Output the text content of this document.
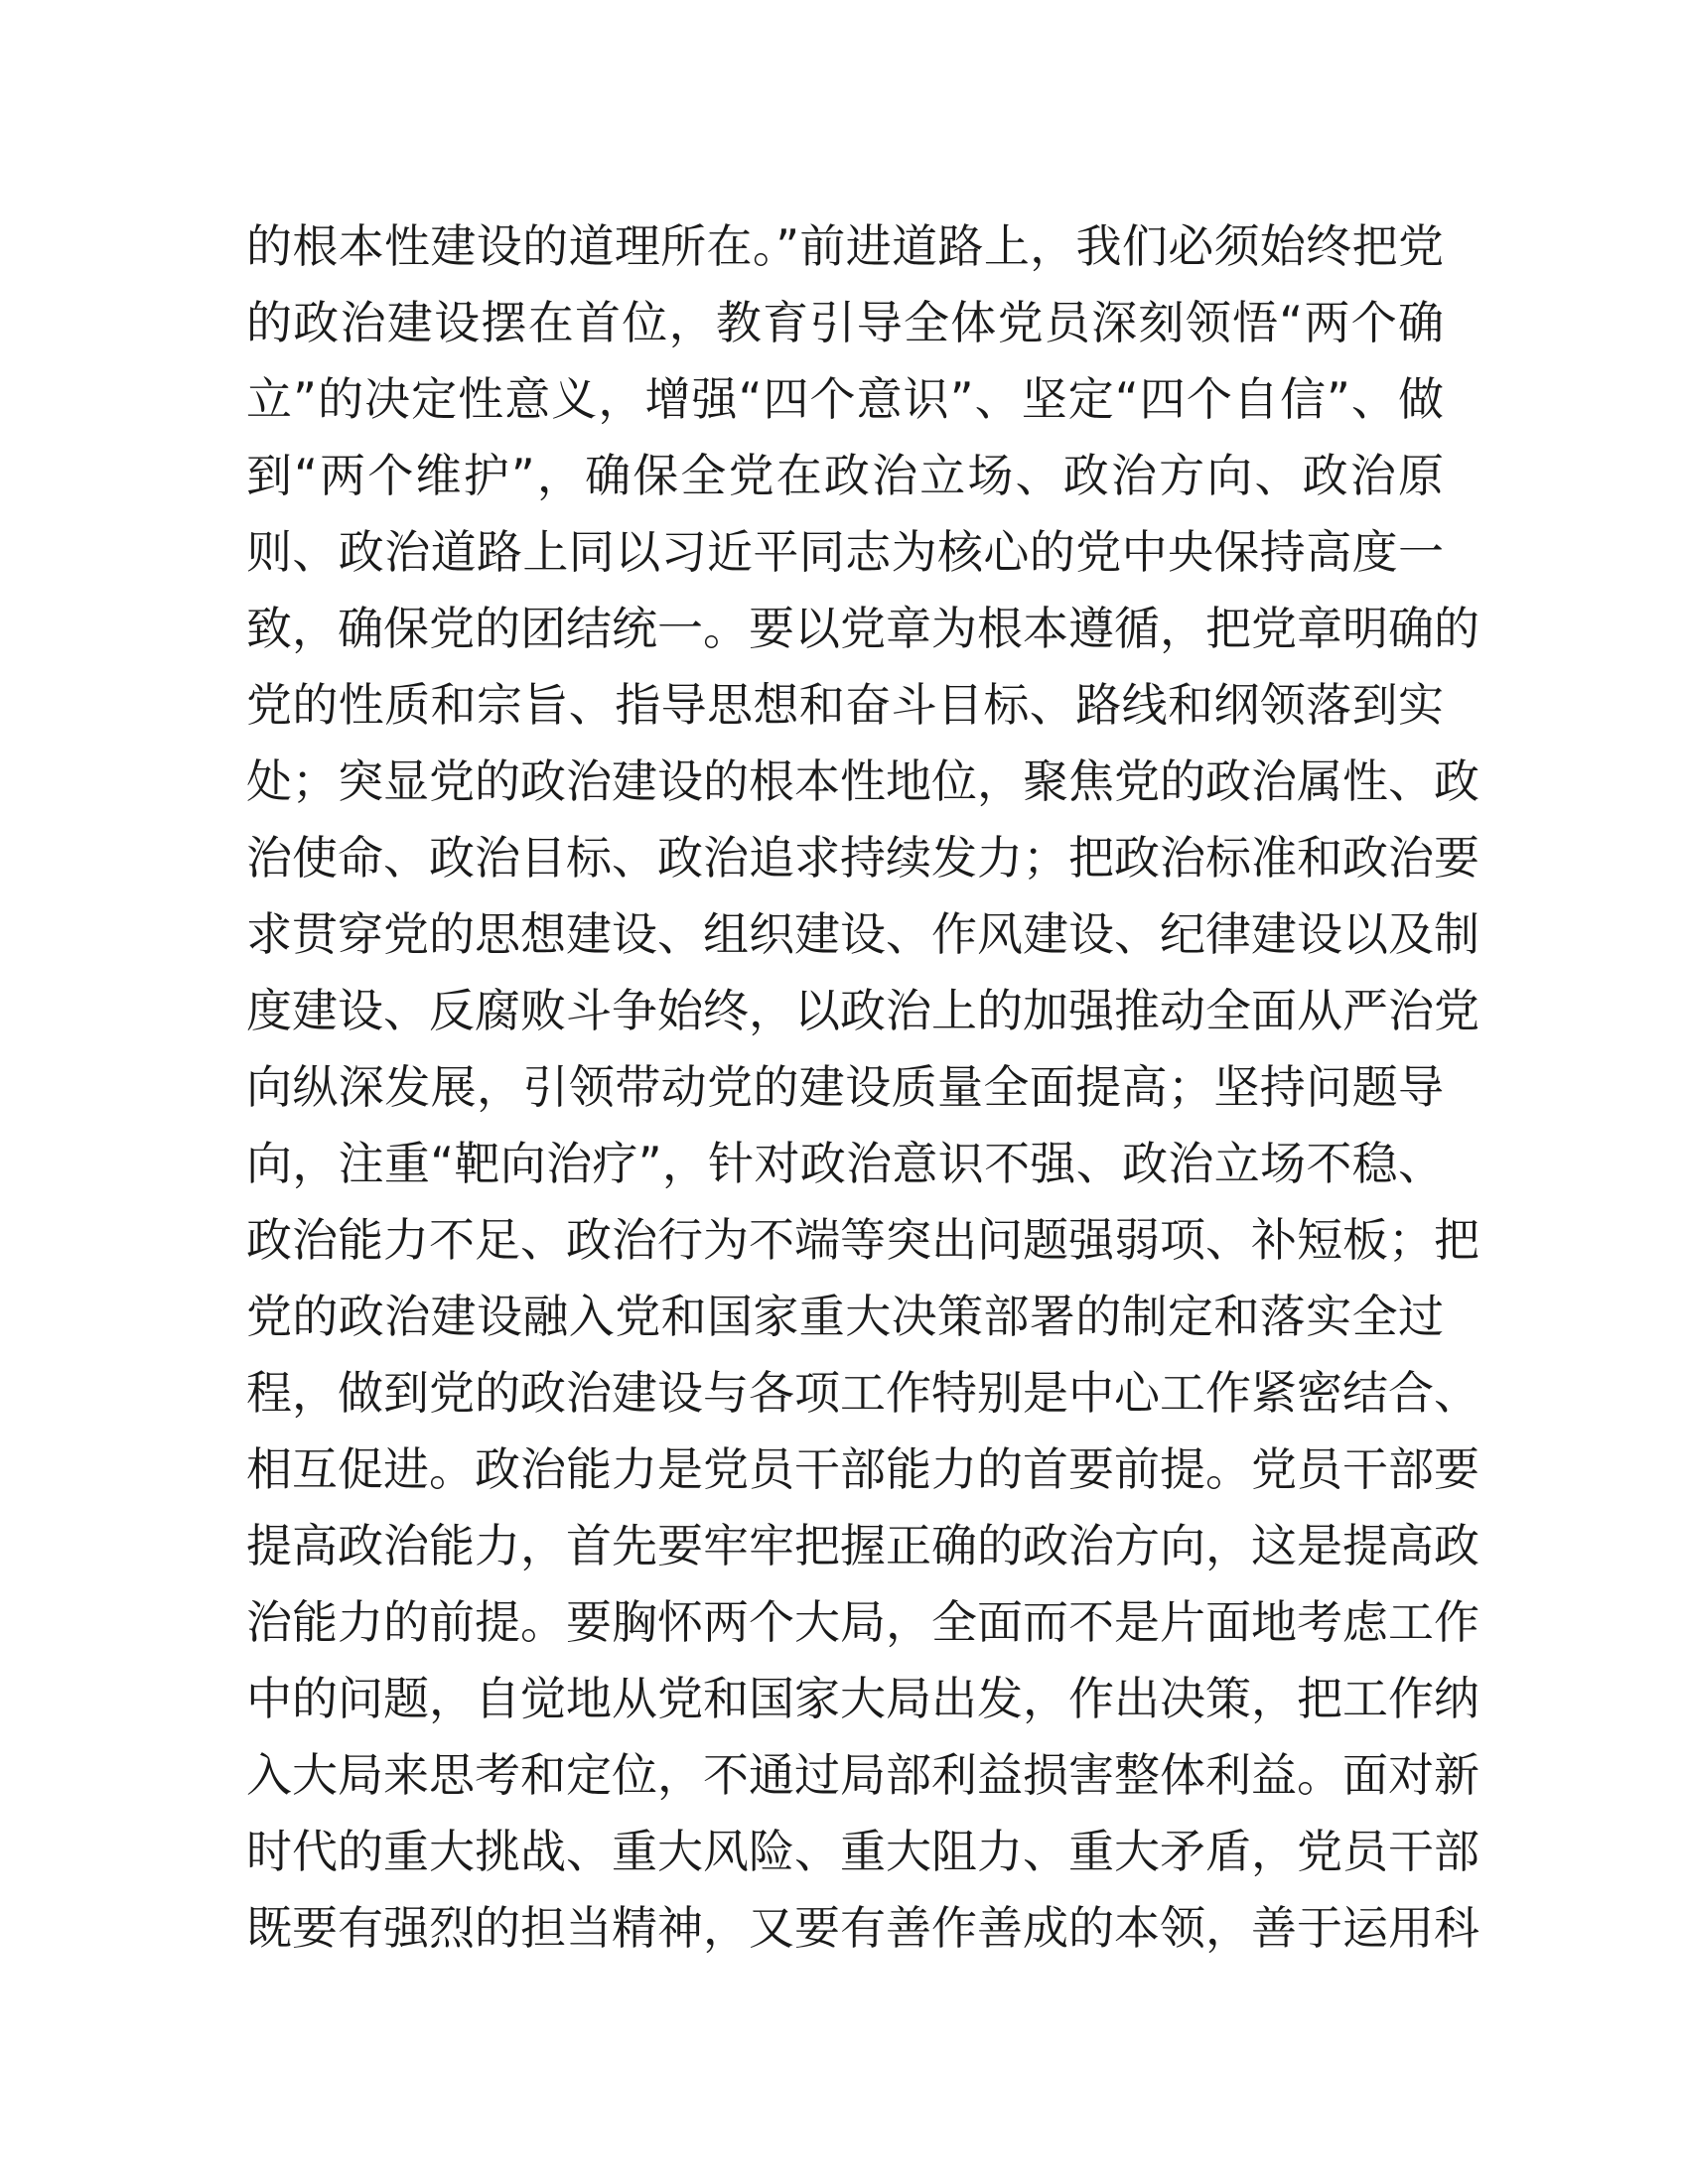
的根本性建设的道理所在。”前进道路上，我们必须始终把党
的政治建设摆在首位，教育引导全体党员深刻领悟“两个确
立”的决定性意义，增强“四个意识”、坚定“四个自信”、做
到“两个维护”，确保全党在政治立场、政治方向、政治原
则、政治道路上同以习近平同志为核心的党中央保持高度一
致，确保党的团结统一。要以党章为根本遵循，把党章明确的
党的性质和宗旨、指导思想和奋斗目标、路线和纲领落到实
处；突显党的政治建设的根本性地位，聚焦党的政治属性、政
治使命、政治目标、政治追求持续发力；把政治标准和政治要
求贯穿党的思想建设、组织建设、作风建设、纪律建设以及制
度建设、反腐败斗争始终，以政治上的加强推动全面从严治党
向纵深发展，引领带动党的建设质量全面提高；坚持问题导
向，注重“靶向治疗”，针对政治意识不强、政治立场不稳、
政治能力不足、政治行为不端等突出问题强弱项、补短板；把
党的政治建设融入党和国家重大决策部署的制定和落实全过
程，做到党的政治建设与各项工作特别是中心工作紧密结合、
相互促进。政治能力是党员干部能力的首要前提。党员干部要
提高政治能力，首先要牢牢把握正确的政治方向，这是提高政
治能力的前提。要胸怀两个大局，全面而不是片面地考虑工作
中的问题，自觉地从党和国家大局出发，作出决策，把工作纳
入大局来思考和定位，不通过局部利益损害整体利益。面对新
时代的重大挑战、重大风险、重大阻力、重大矛盾，党员干部
既要有强烈的担当精神，又要有善作善成的本领，善于运用科
